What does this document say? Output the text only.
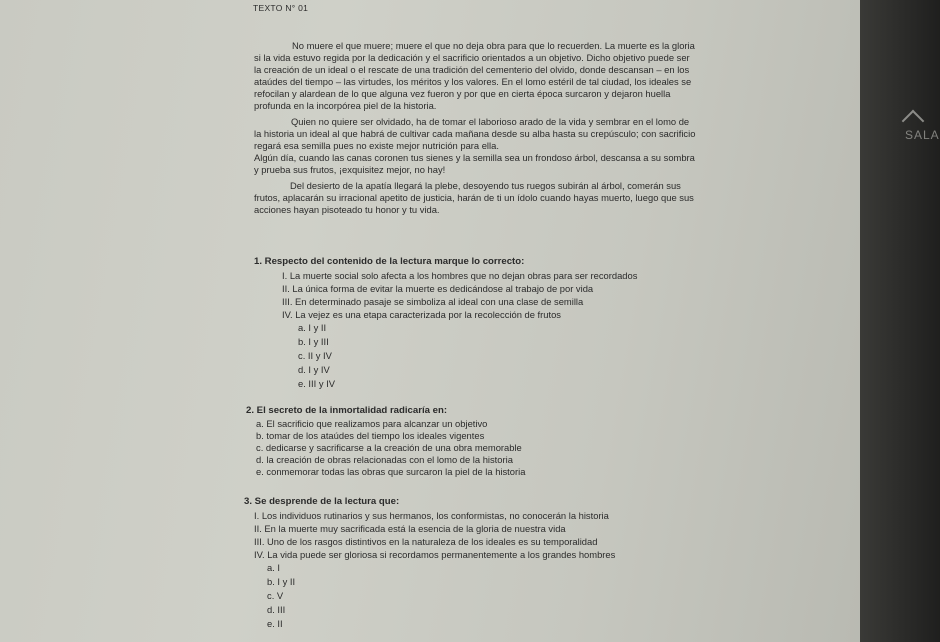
SALA
TEXTO N° 01
No muere el que muere; muere el que no deja obra para que lo recuerden. La muerte es la gloria
si la vida estuvo regida por la dedicación y el sacrificio orientados a un objetivo. Dicho objetivo puede ser
la creación de un ideal o el rescate de una tradición del cementerio del olvido, donde descansan – en los
ataúdes del tiempo – las virtudes, los méritos y los valores. En el lomo estéril de tal ciudad, los ideales se
refocilan y alardean de lo que alguna vez fueron y por que en cierta época surcaron y dejaron huella
profunda en la incorpórea piel de la historia.
Quien no quiere ser olvidado, ha de tomar el laborioso arado de la vida y sembrar en el lomo de
la historia un ideal al que habrá de cultivar cada mañana desde su alba hasta su crepúsculo; con sacrificio
regará esa semilla pues no existe mejor nutrición para ella.
Algún día, cuando las canas coronen tus sienes y la semilla sea un frondoso árbol, descansa a su sombra
y prueba sus frutos, ¡exquisitez mejor, no hay!
Del desierto de la apatía llegará la plebe, desoyendo tus ruegos subirán al árbol, comerán sus
frutos, aplacarán su irracional apetito de justicia, harán de ti un ídolo cuando hayas muerto, luego que sus
acciones hayan pisoteado tu honor y tu vida.
1. Respecto del contenido de la lectura marque lo correcto:
I. La muerte social solo afecta a los hombres que no dejan obras para ser recordados
II. La única forma de evitar la muerte es dedicándose al trabajo de por vida
III. En determinado pasaje se simboliza al ideal con una clase de semilla
IV. La vejez es una etapa caracterizada por la recolección de frutos
a. I y II
b. I y III
c. II y IV
d. I y IV
e. III y IV
2. El secreto de la inmortalidad radicaría en:
a. El sacrificio que realizamos para alcanzar un objetivo
b. tomar de los ataúdes del tiempo los ideales vigentes
c. dedicarse y sacrificarse a la creación de una obra memorable
d. la creación de obras relacionadas con el lomo de la historia
e. conmemorar todas las obras que surcaron la piel de la historia
3. Se desprende de la lectura que:
I. Los individuos rutinarios y sus hermanos, los conformistas, no conocerán la historia
II. En la muerte muy sacrificada está la esencia de la gloria de nuestra vida
III. Uno de los rasgos distintivos en la naturaleza de los ideales es su temporalidad
IV. La vida puede ser gloriosa si recordamos permanentemente a los grandes hombres
a. I
b. I y II
c. V
d. III
e. II
